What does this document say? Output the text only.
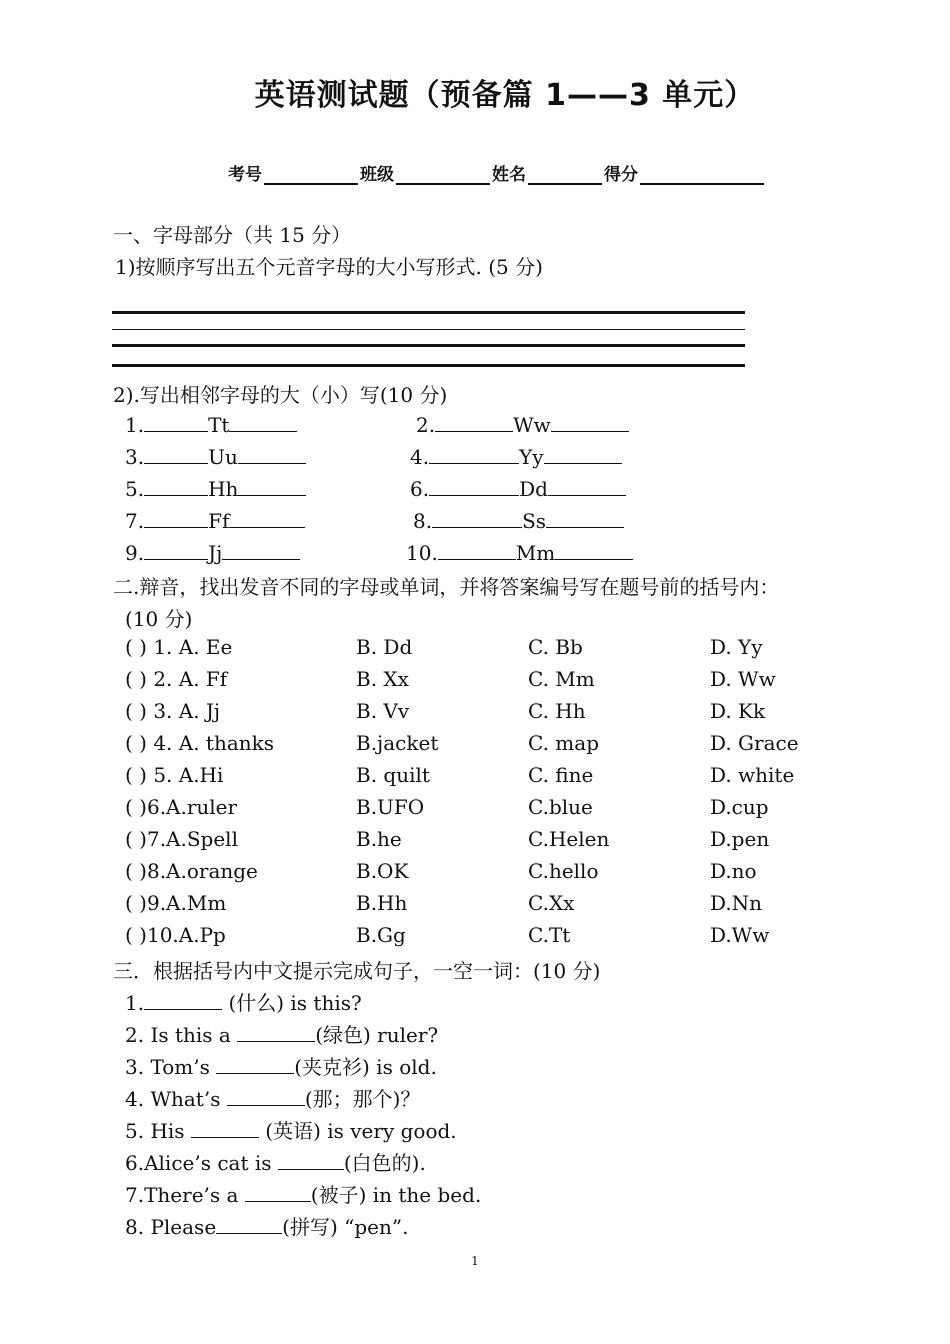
英语测试题（预备篇 1——3 单元）
考号	班级	姓名	得分
一、字母部分（共 15 分）
1)按顺序写出五个元音字母的大小写形式. (5 分)
2).写出相邻字母的大（小）写(10 分)
1.	Tt	2.	Ww
3.	Uu	4.	Yy
5.	Hh	6.	Dd
7.	Ff	8.	Ss
9.	Jj	10.	Mm
二.辩音，找出发音不同的字母或单词，并将答案编号写在题号前的括号内：
(10 分)
( ) 1. A. Ee	B. Dd	C. Bb	D. Yy
( ) 2. A. Ff	B. Xx	C. Mm	D. Ww
( ) 3. A. Jj	B. Vv	C. Hh	D. Kk
( ) 4. A. thanks	B.jacket	C. map	D. Grace
( ) 5. A.Hi	B. quilt	C. fine	D. white
( )6.A.ruler	B.UFO	C.blue	D.cup
( )7.A.Spell	B.he	C.Helen	D.pen
( )8.A.orange	B.OK	C.hello	D.no
( )9.A.Mm	B.Hh	C.Xx	D.Nn
( )10.A.Pp	B.Gg	C.Tt	D.Ww
三．根据括号内中文提示完成句子，一空一词：(10 分)
1.	(什么) is this?
2. Is this a	(绿色) ruler?
3. Tom’s	(夹克衫) is old.
4. What’s	(那；那个)？
5. His	(英语) is very good.
6.Alice’s cat is	(白色的).
7.There’s a	(被子) in the bed.
8. Please	(拼写) “pen”.
1
